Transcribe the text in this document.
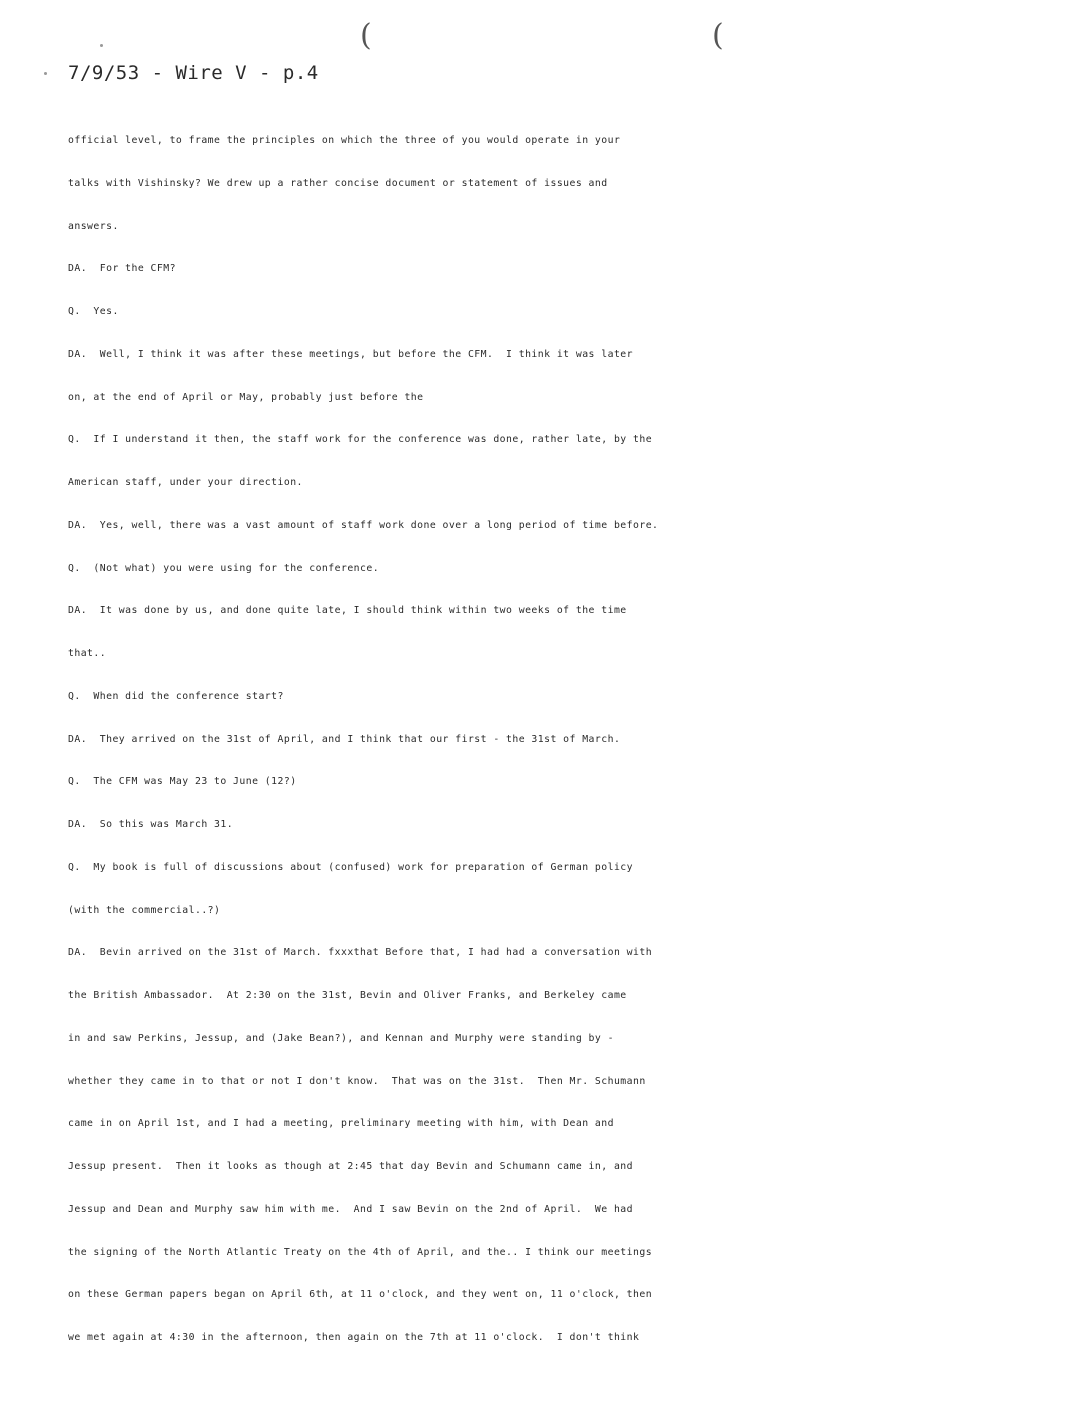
(	(
7/9/53 - Wire V - p.4
official level, to frame the principles on which the three of you would operate in your
talks with Vishinsky? We drew up a rather concise document or statement of issues and
answers.
DA.  For the CFM?
Q.  Yes.
DA.  Well, I think it was after these meetings, but before the CFM.  I think it was later
on, at the end of April or May, probably just before the
Q.  If I understand it then, the staff work for the conference was done, rather late, by the
American staff, under your direction.
DA.  Yes, well, there was a vast amount of staff work done over a long period of time before.
Q.  (Not what) you were using for the conference.
DA.  It was done by us, and done quite late, I should think within two weeks of the time
that..
Q.  When did the conference start?
DA.  They arrived on the 31st of April, and I think that our first - the 31st of March.
Q.  The CFM was May 23 to June (12?)
DA.  So this was March 31.
Q.  My book is full of discussions about (confused) work for preparation of German policy
(with the commercial..?)
DA.  Bevin arrived on the 31st of March. fxxxthat Before that, I had had a conversation with
the British Ambassador.  At 2:30 on the 31st, Bevin and Oliver Franks, and Berkeley came
in and saw Perkins, Jessup, and (Jake Bean?), and Kennan and Murphy were standing by -
whether they came in to that or not I don't know.  That was on the 31st.  Then Mr. Schumann
came in on April 1st, and I had a meeting, preliminary meeting with him, with Dean and
Jessup present.  Then it looks as though at 2:45 that day Bevin and Schumann came in, and
Jessup and Dean and Murphy saw him with me.  And I saw Bevin on the 2nd of April.  We had
the signing of the North Atlantic Treaty on the 4th of April, and the.. I think our meetings
on these German papers began on April 6th, at 11 o'clock, and they went on, 11 o'clock, then
we met again at 4:30 in the afternoon, then again on the 7th at 11 o'clock.  I don't think
